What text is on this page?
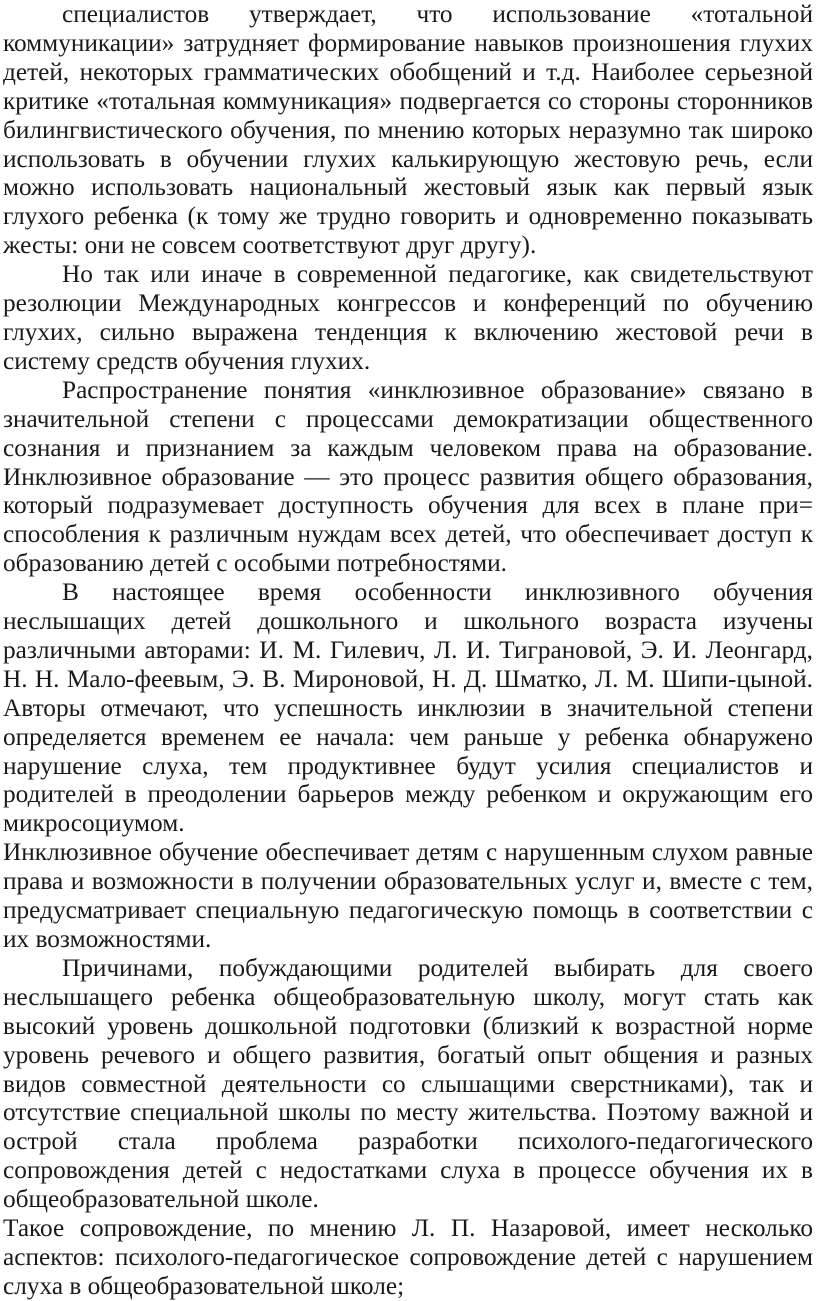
специалистов утверждает, что использование «тотальной коммуникации» затрудняет формирование навыков произношения глухих детей, некоторых грамматических обобщений и т.д. Наиболее серьезной критике «тотальная коммуникация» подвергается со стороны сторонников билингвистического обучения, по мнению которых неразумно так широко использовать в обучении глухих калькирующую жестовую речь, если можно использовать национальный жестовый язык как первый язык глухого ребенка (к тому же трудно говорить и одновременно показывать жесты: они не совсем соответствуют друг другу).

Но так или иначе в современной педагогике, как свидетельствуют резолюции Международных конгрессов и конференций по обучению глухих, сильно выражена тенденция к включению жестовой речи в систему средств обучения глухих.

Распространение понятия «инклюзивное образование» связано в значительной степени с процессами демократизации общественного сознания и признанием за каждым человеком права на образование. Инклюзивное образование — это процесс развития общего образования, который подразумевает доступность обучения для всех в плане при= способления к различным нуждам всех детей, что обеспечивает доступ к образованию детей с особыми потребностями.

В настоящее время особенности инклюзивного обучения неслышащих детей дошкольного и школьного возраста изучены различными авторами: И. М. Гилевич, Л. И. Тиграновой, Э. И. Леонгард, Н. Н. Мало-феевым, Э. В. Мироновой, Н. Д. Шматко, Л. М. Шипи-цыной. Авторы отмечают, что успешность инклюзии в значительной степени определяется временем ее начала: чем раньше у ребенка обнаружено нарушение слуха, тем продуктивнее будут усилия специалистов и родителей в преодолении барьеров между ребенком и окружающим его микросоциумом.

Инклюзивное обучение обеспечивает детям с нарушенным слухом равные права и возможности в получении образовательных услуг и, вместе с тем, предусматривает специальную педагогическую помощь в соответствии с их возможностями.

Причинами, побуждающими родителей выбирать для своего неслышащего ребенка общеобразовательную школу, могут стать как высокий уровень дошкольной подготовки (близкий к возрастной норме уровень речевого и общего развития, богатый опыт общения и разных видов совместной деятельности со слышащими сверстниками), так и отсутствие специальной школы по месту жительства. Поэтому важной и острой стала проблема разработки психолого-педагогического сопровождения детей с недостатками слуха в процессе обучения их в общеобразовательной школе.

Такое сопровождение, по мнению Л. П. Назаровой, имеет несколько аспектов: психолого-педагогическое сопровождение детей с нарушением слуха в общеобразовательной школе;
